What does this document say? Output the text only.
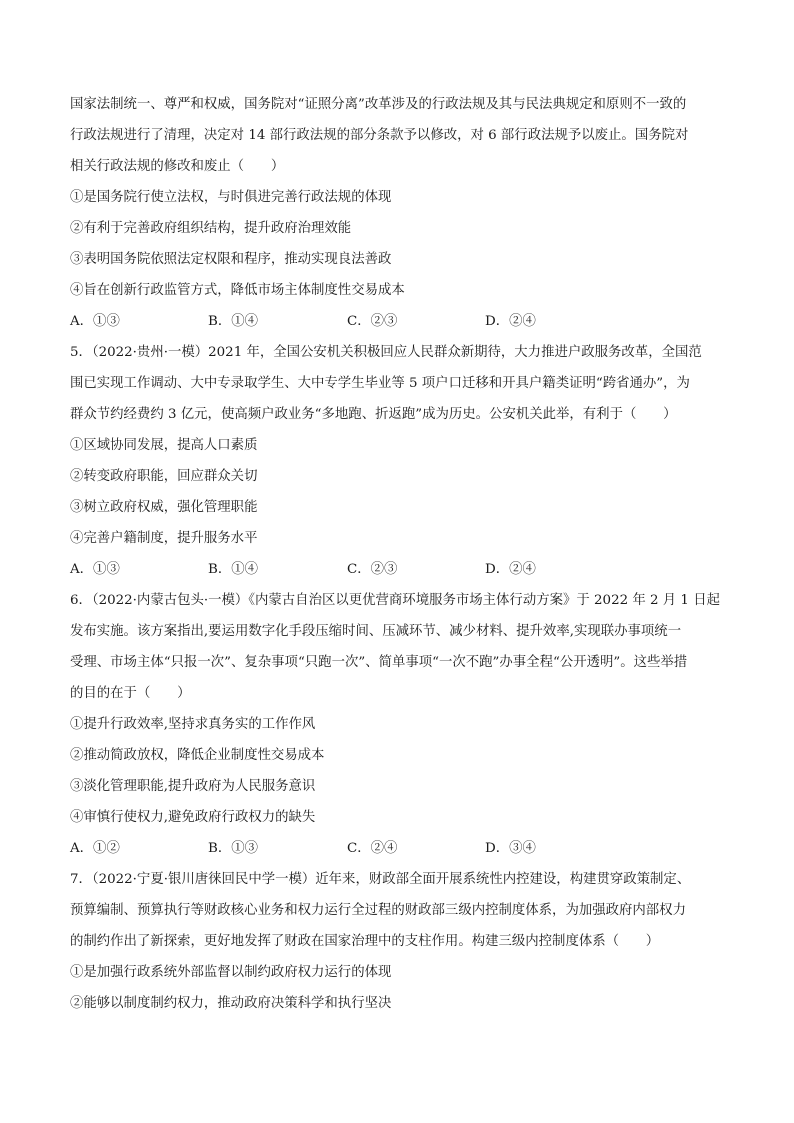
国家法制统一、尊严和权威，国务院对“证照分离”改革涉及的行政法规及其与民法典规定和原则不一致的

行政法规进行了清理，决定对 14 部行政法规的部分条款予以修改，对 6 部行政法规予以废止。国务院对

相关行政法规的修改和废止（　　）

①是国务院行使立法权，与时俱进完善行政法规的体现

②有利于完善政府组织结构，提升政府治理效能

③表明国务院依照法定权限和程序，推动实现良法善政

④旨在创新行政监管方式，降低市场主体制度性交易成本

A．①③	B．①④	C．②③	D．②④

5．（2022·贵州·一模）2021 年，全国公安机关积极回应人民群众新期待，大力推进户政服务改革，全国范

围已实现工作调动、大中专录取学生、大中专学生毕业等 5 项户口迁移和开具户籍类证明“跨省通办”，为

群众节约经费约 3 亿元，使高频户政业务“多地跑、折返跑”成为历史。公安机关此举，有利于（　　）

①区域协同发展，提高人口素质

②转变政府职能，回应群众关切

③树立政府权威，强化管理职能

④完善户籍制度，提升服务水平

A．①③	B．①④	C．②③	D．②④

6．（2022·内蒙古包头·一模）《内蒙古自治区以更优营商环境服务市场主体行动方案》于 2022 年 2 月 1 日起

发布实施。该方案指出,要运用数字化手段压缩时间、压减环节、减少材料、提升效率,实现联办事项统一

受理、市场主体“只报一次”、复杂事项“只跑一次”、简单事项“一次不跑”办事全程“公开透明”。这些举措

的目的在于（　　）

①提升行政效率,坚持求真务实的工作作风

②推动简政放权，降低企业制度性交易成本

③淡化管理职能,提升政府为人民服务意识

④审慎行使权力,避免政府行政权力的缺失

A．①②	B．①③	C．②④	D．③④

7．（2022·宁夏·银川唐徕回民中学一模）近年来，财政部全面开展系统性内控建设，构建贯穿政策制定、

预算编制、预算执行等财政核心业务和权力运行全过程的财政部三级内控制度体系，为加强政府内部权力

的制约作出了新探索，更好地发挥了财政在国家治理中的支柱作用。构建三级内控制度体系（　　）

①是加强行政系统外部监督以制约政府权力运行的体现

②能够以制度制约权力，推动政府决策科学和执行坚决
